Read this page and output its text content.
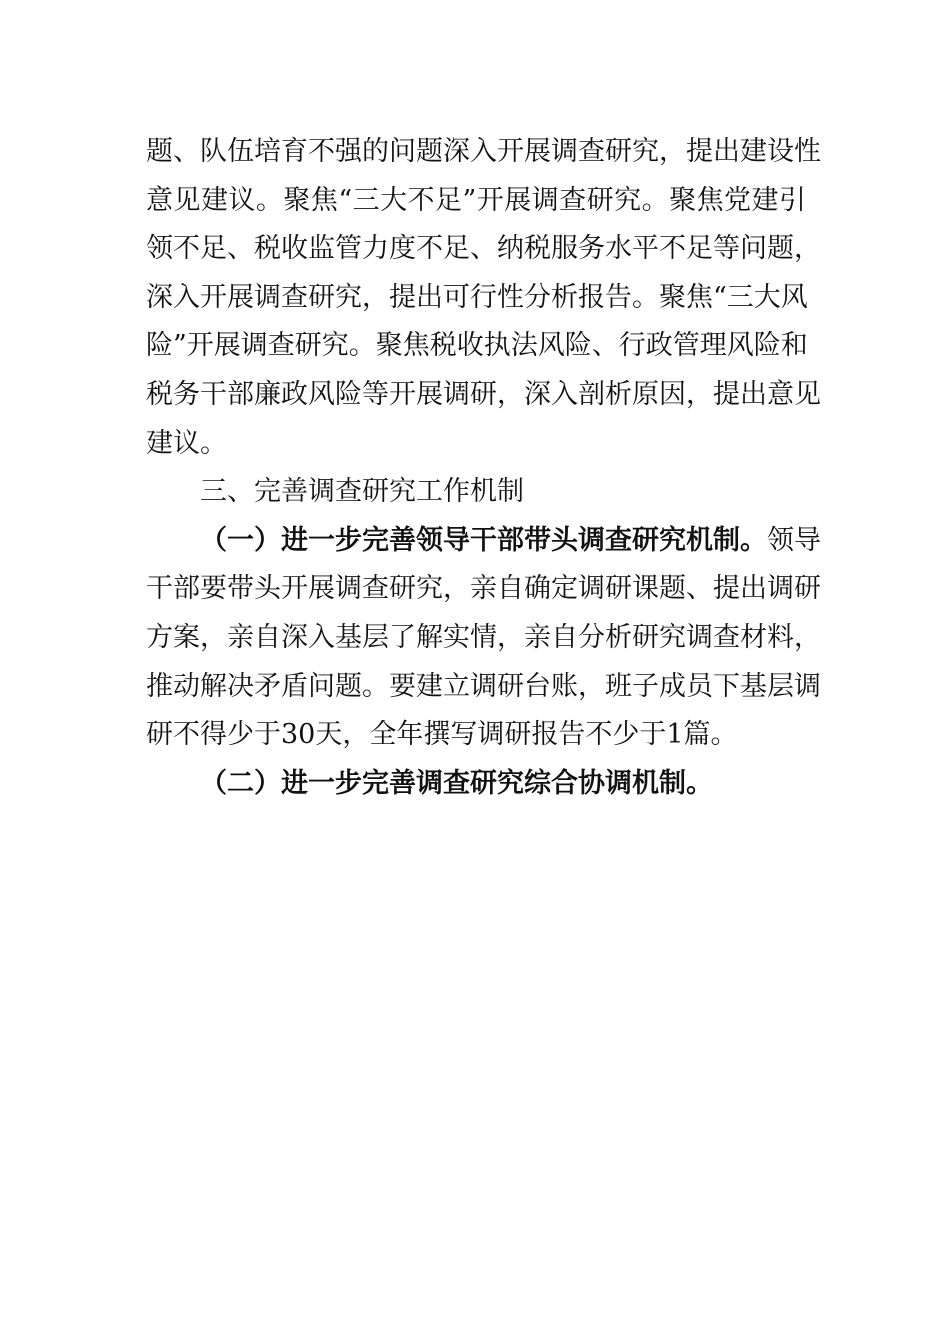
题、队伍培育不强的问题深入开展调查研究，提出建设性
意见建议。聚焦“三大不足”开展调查研究。聚焦党建引
领不足、税收监管力度不足、纳税服务水平不足等问题，
深入开展调查研究，提出可行性分析报告。聚焦“三大风
险”开展调查研究。聚焦税收执法风险、行政管理风险和
税务干部廉政风险等开展调研，深入剖析原因，提出意见
建议。
三、完善调查研究工作机制
（一）进一步完善领导干部带头调查研究机制。领导
干部要带头开展调查研究，亲自确定调研课题、提出调研
方案，亲自深入基层了解实情，亲自分析研究调查材料，
推动解决矛盾问题。要建立调研台账，班子成员下基层调
研不得少于30天，全年撰写调研报告不少于1篇。
（二）进一步完善调查研究综合协调机制。
